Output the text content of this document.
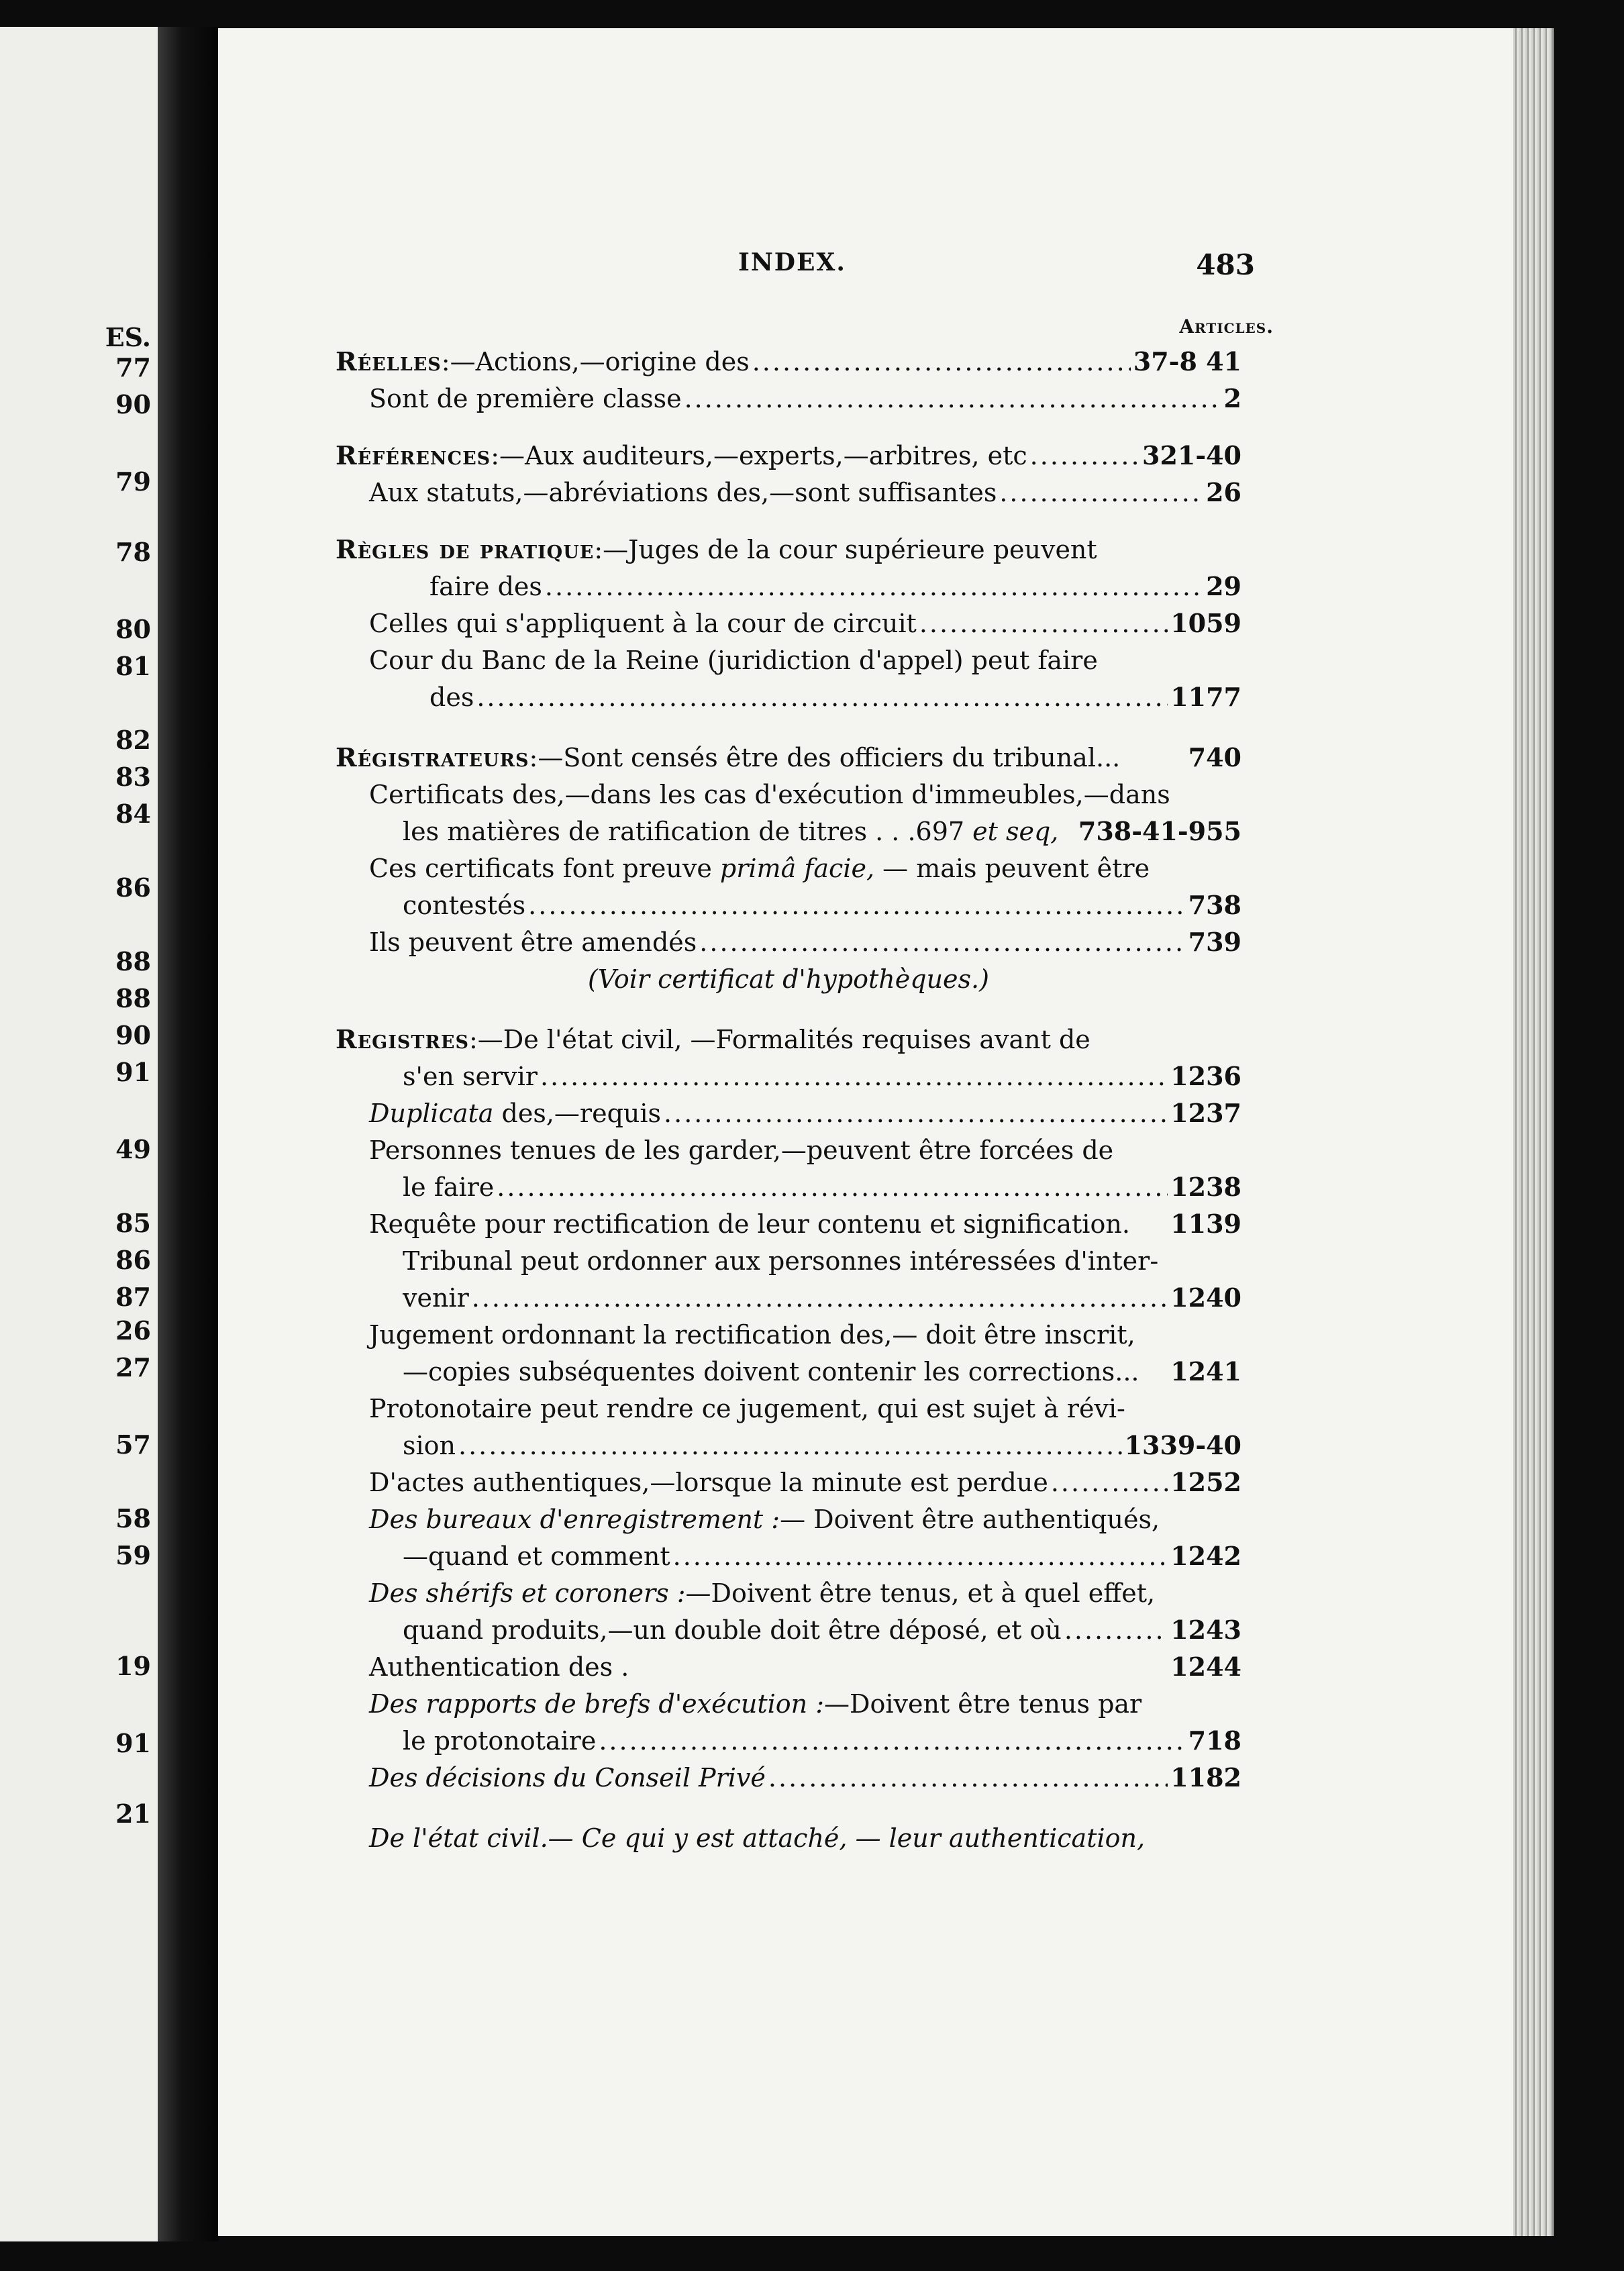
ES.
77
90
79
78
80
81
82
83
84
86
88
88
90
91
49
85
86
87
26
27
57
58
59
19
91
21
INDEX.	483
Articles.
Réelles:—Actions,—origine des .....	37-8 41
Sont de première classe .....	2
Références:—Aux auditeurs,—experts,—arbitres, etc .....	321-40
Aux statuts,—abréviations des,—sont suffisantes .....	26
Règles de pratique:—Juges de la cour supérieure peuvent
faire des .....	29
Celles qui s'appliquent à la cour de circuit .....	1059
Cour du Banc de la Reine (juridiction d'appel) peut faire
des .....	1177
Régistrateurs:—Sont censés être des officiers du tribunal...	740
Certificats des,—dans les cas d'exécution d'immeubles,—dans
les matières de ratification de titres . . .697 et seq, 738-41-955
Ces certificats font preuve primâ facie, — mais peuvent être
contestés .....	738
Ils peuvent être amendés .....	739
(Voir certificat d'hypothèques.)
Registres:—De l'état civil, —Formalités requises avant de
s'en servir .....	1236
Duplicata des,—requis .....	1237
Personnes tenues de les garder,—peuvent être forcées de
le faire .....	1238
Requête pour rectification de leur contenu et signification. 1139
Tribunal peut ordonner aux personnes intéressées d'inter-
venir .....	1240
Jugement ordonnant la rectification des,— doit être inscrit,
—copies subséquentes doivent contenir les corrections... 1241
Protonotaire peut rendre ce jugement, qui est sujet à révi-
sion .....	1339-40
D'actes authentiques,—lorsque la minute est perdue .....	1252
Des bureaux d'enregistrement :— Doivent être authentiqués,
—quand et comment .....	1242
Des shérifs et coroners :—Doivent être tenus, et à quel effet,
quand produits,—un double doit être déposé, et où .....	1243
Authentication des .	1244
Des rapports de brefs d'exécution :—Doivent être tenus par
le protonotaire .....	718
Des décisions du Conseil Privé .....	1182
De l'état civil.— Ce qui y est attaché, — leur authentication,
